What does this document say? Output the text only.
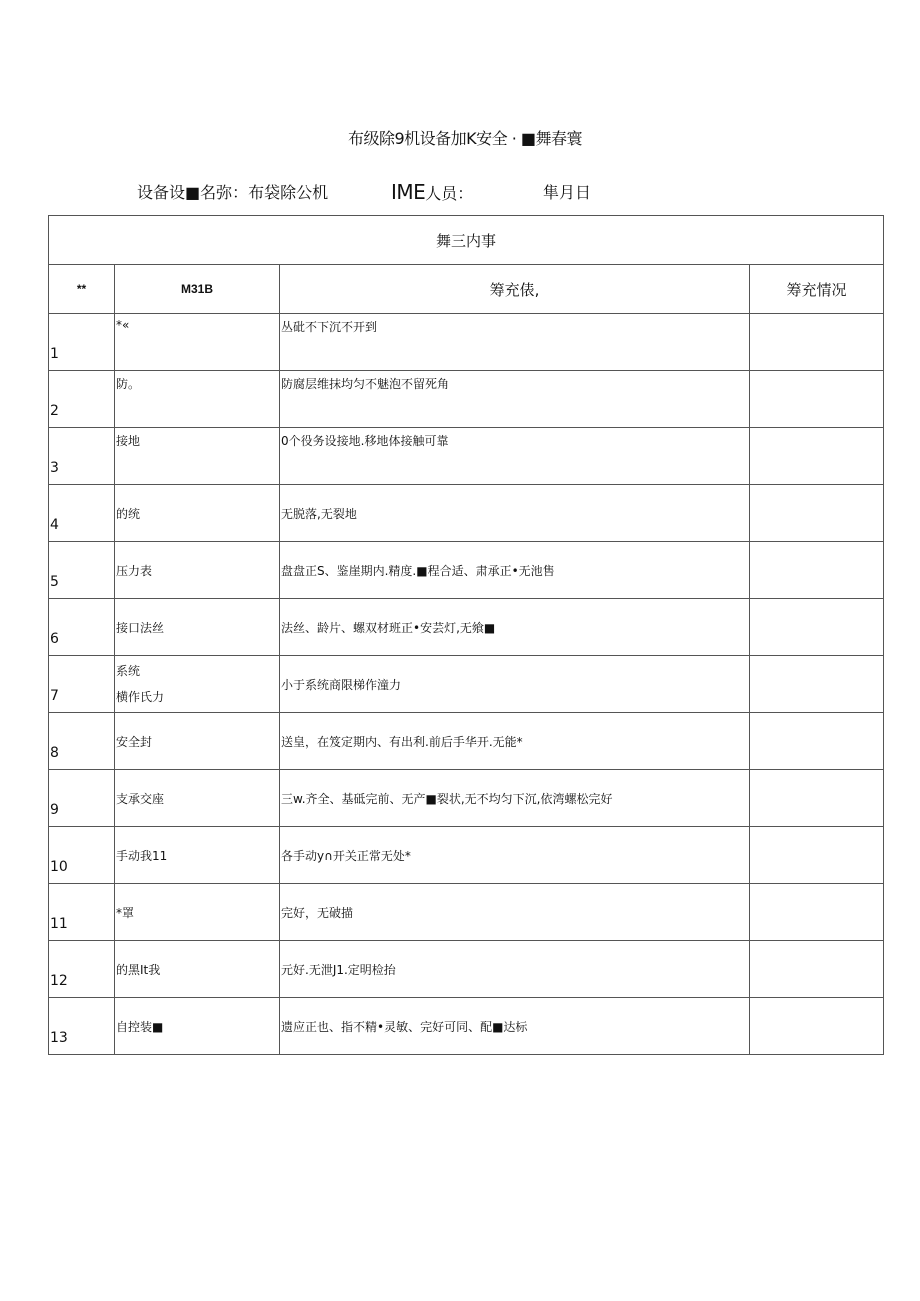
布级除9机设备加K安全 · ■舞春寰
设备设■名弥：布袋除公机	IME人员：	隼月日
舞三内事			
**	M31B	筹充俵,	筹充情况
1	*«	丛砒不下沉不开到	
2	防。	防腐层维抹均匀不魅泡不留死角	
3	接地	0个役务设接地.移地体接触可靠	
4	的统	无脱落,无裂地	
5	压力表	盘盘正S、鉴崖期内.精度.■程合适、肃承正•无池售	
6	接口法丝	法丝、龄片、螺双材班正•安芸灯,无飨■	
7	系统
横作氏力	小于系统商限梯作潼力	
8	安全封	送皇，在笈定期内、有出利.前后手华开.无能*	
9	支承交座	三w.齐全、基砥完前、无产■裂状,无不均匀下沉,依湾螺松完好	
10	手动我11	各手动y∩开关正常无处*	
11	*罩	完好，无破描	
12	的黑It我	元好.无泄J1.定明检抬	
13	自控装■	遗应正也、指不精•灵敏、完好可同、配■达标	
